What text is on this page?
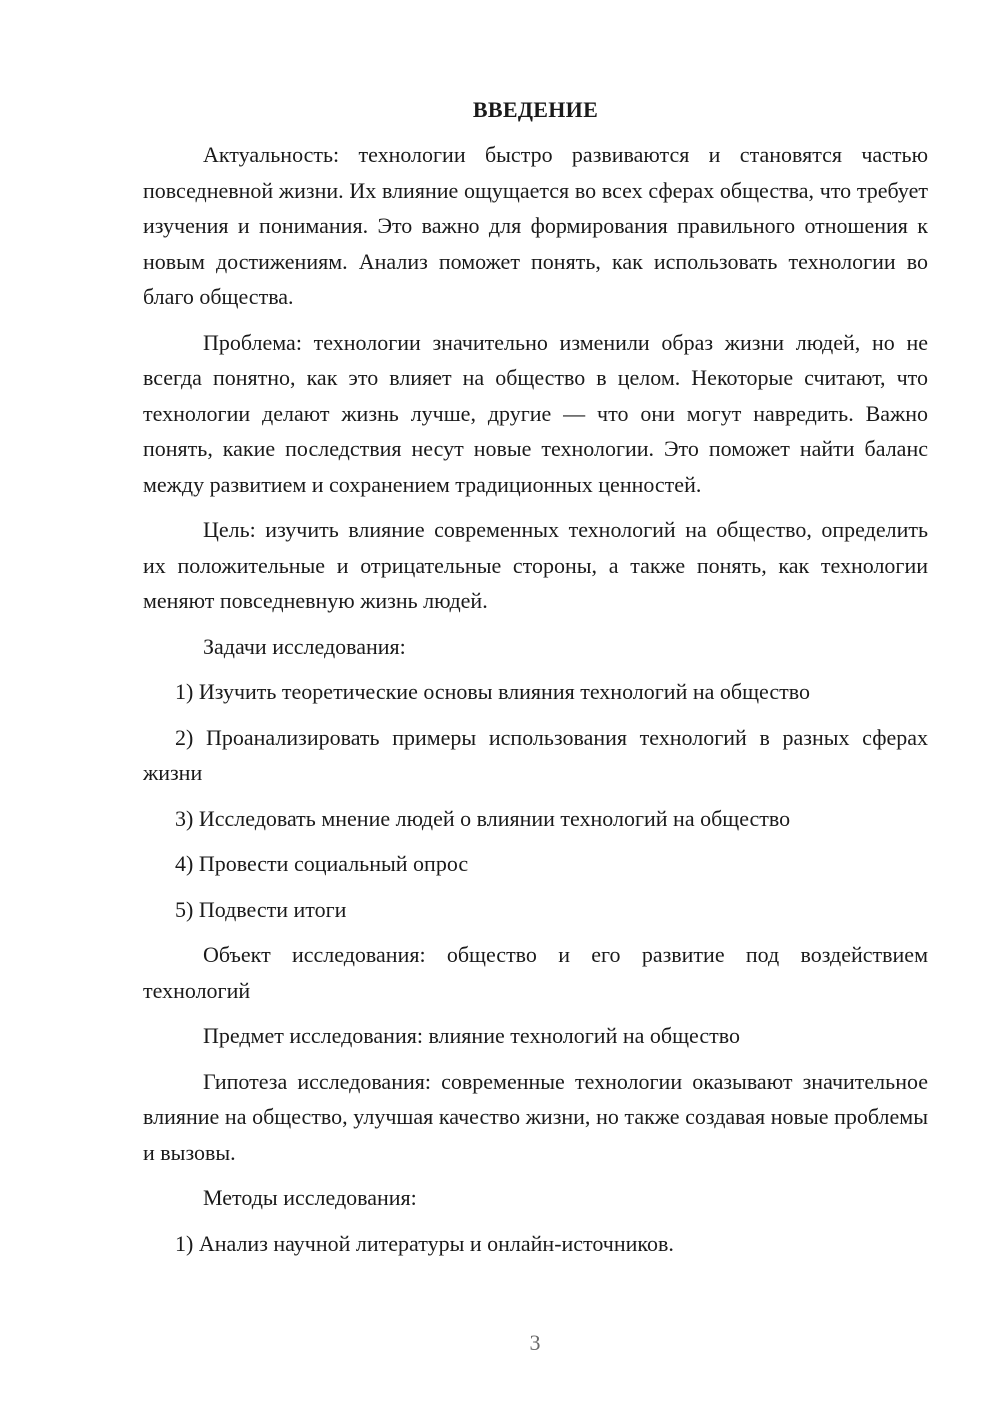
ВВЕДЕНИЕ

Актуальность: технологии быстро развиваются и становятся частью повседневной жизни. Их влияние ощущается во всех сферах общества, что требует изучения и понимания. Это важно для формирования правильного отношения к новым достижениям. Анализ поможет понять, как использовать технологии во благо общества.

Проблема: технологии значительно изменили образ жизни людей, но не всегда понятно, как это влияет на общество в целом. Некоторые считают, что технологии делают жизнь лучше, другие — что они могут навредить. Важно понять, какие последствия несут новые технологии. Это поможет найти баланс между развитием и сохранением традиционных ценностей.

Цель: изучить влияние современных технологий на общество, определить их положительные и отрицательные стороны, а также понять, как технологии меняют повседневную жизнь людей.

Задачи исследования:

1) Изучить теоретические основы влияния технологий на общество

2) Проанализировать примеры использования технологий в разных сферах жизни

3) Исследовать мнение людей о влиянии технологий на общество

4) Провести социальный опрос

5) Подвести итоги

Объект исследования: общество и его развитие под воздействием технологий

Предмет исследования: влияние технологий на общество

Гипотеза исследования: современные технологии оказывают значительное влияние на общество, улучшая качество жизни, но также создавая новые проблемы и вызовы.

Методы исследования:

1) Анализ научной литературы и онлайн-источников.

3
